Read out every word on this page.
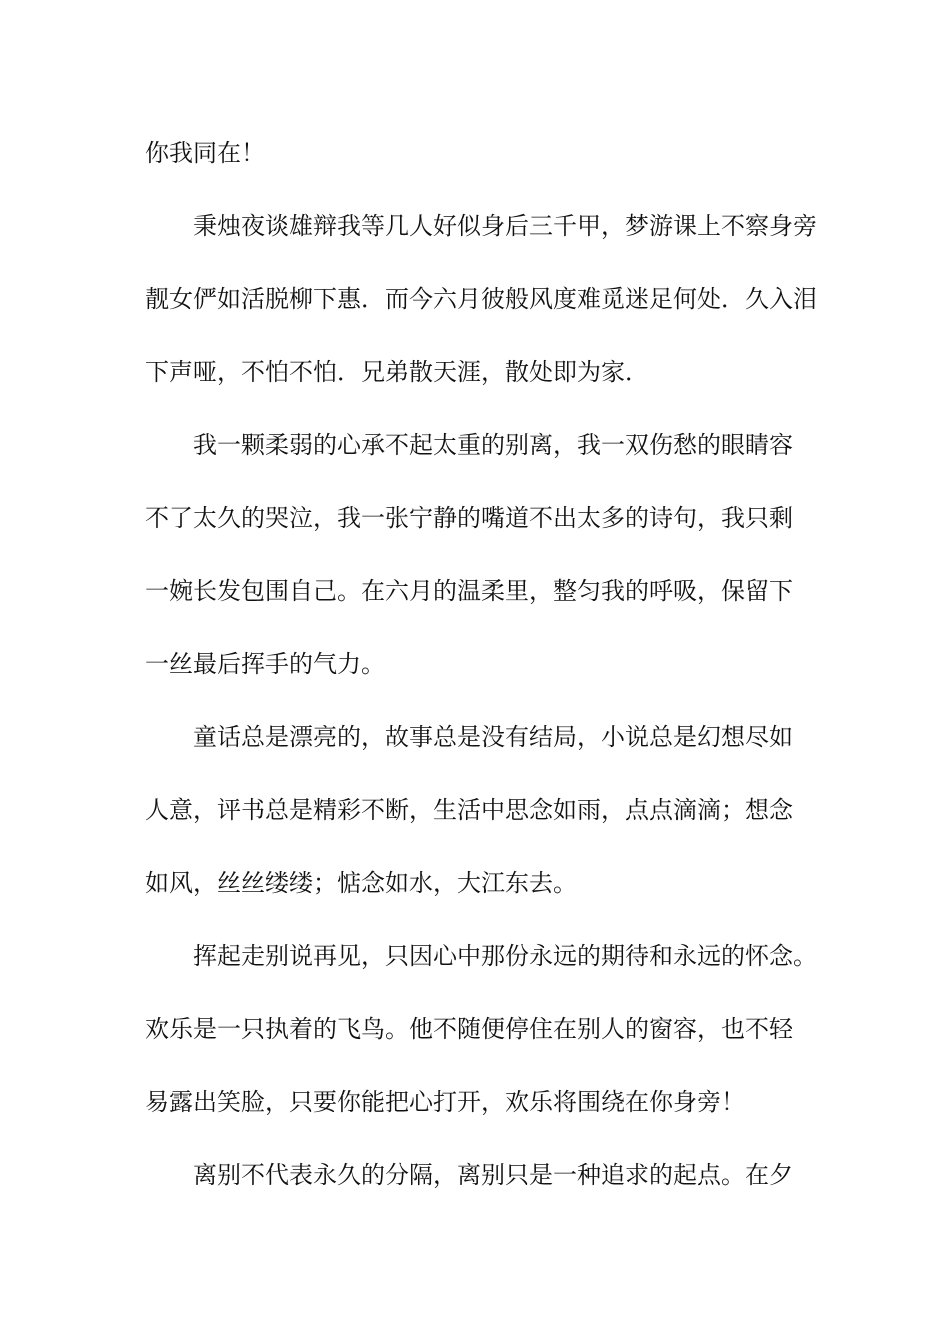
你我同在！
秉烛夜谈雄辩我等几人好似身后三千甲，梦游课上不察身旁
靓女俨如活脱柳下惠．而今六月彼般风度难觅迷足何处．久入泪
下声哑，不怕不怕．兄弟散天涯，散处即为家．
我一颗柔弱的心承不起太重的别离，我一双伤愁的眼睛容
不了太久的哭泣，我一张宁静的嘴道不出太多的诗句，我只剩
一婉长发包围自己。在六月的温柔里，整匀我的呼吸，保留下
一丝最后挥手的气力。
童话总是漂亮的，故事总是没有结局，小说总是幻想尽如
人意，评书总是精彩不断，生活中思念如雨，点点滴滴；想念
如风，丝丝缕缕；惦念如水，大江东去。
挥起走别说再见，只因心中那份永远的期待和永远的怀念。
欢乐是一只执着的飞鸟。他不随便停住在别人的窗容，也不轻
易露出笑脸，只要你能把心打开，欢乐将围绕在你身旁！
离别不代表永久的分隔，离别只是一种追求的起点。在夕
